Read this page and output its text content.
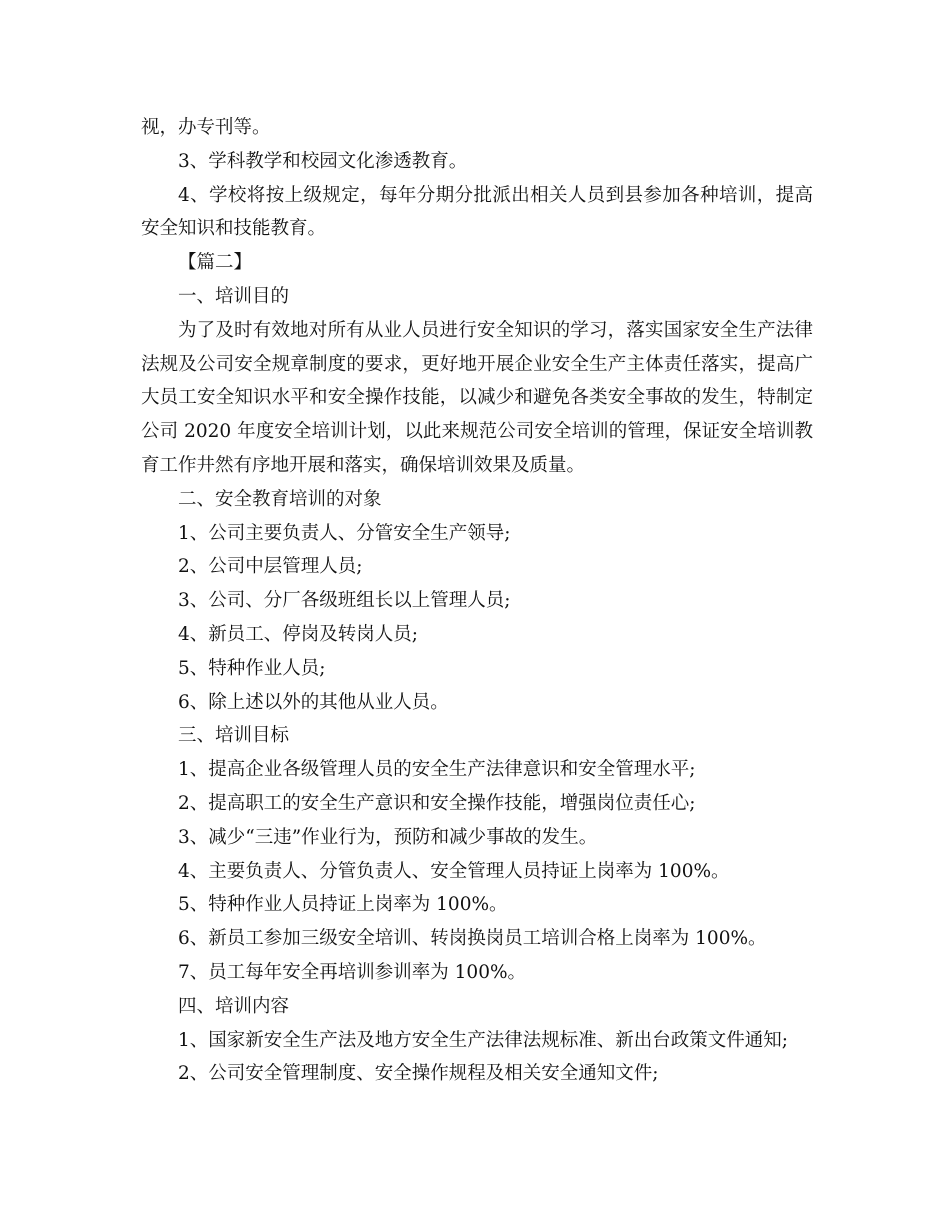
视，办专刊等。

3、学科教学和校园文化渗透教育。

4、学校将按上级规定，每年分期分批派出相关人员到县参加各种培训，提高安全知识和技能教育。

【篇二】

一、培训目的

为了及时有效地对所有从业人员进行安全知识的学习，落实国家安全生产法律法规及公司安全规章制度的要求，更好地开展企业安全生产主体责任落实，提高广大员工安全知识水平和安全操作技能，以减少和避免各类安全事故的发生，特制定公司 2020 年度安全培训计划，以此来规范公司安全培训的管理，保证安全培训教育工作井然有序地开展和落实，确保培训效果及质量。

二、安全教育培训的对象

1、公司主要负责人、分管安全生产领导;

2、公司中层管理人员;

3、公司、分厂各级班组长以上管理人员;

4、新员工、停岗及转岗人员;

5、特种作业人员;

6、除上述以外的其他从业人员。

三、培训目标

1、提高企业各级管理人员的安全生产法律意识和安全管理水平;

2、提高职工的安全生产意识和安全操作技能，增强岗位责任心;

3、减少“三违”作业行为，预防和减少事故的发生。

4、主要负责人、分管负责人、安全管理人员持证上岗率为 100%。

5、特种作业人员持证上岗率为 100%。

6、新员工参加三级安全培训、转岗换岗员工培训合格上岗率为 100%。

7、员工每年安全再培训参训率为 100%。

四、培训内容

1、国家新安全生产法及地方安全生产法律法规标准、新出台政策文件通知;

2、公司安全管理制度、安全操作规程及相关安全通知文件;
